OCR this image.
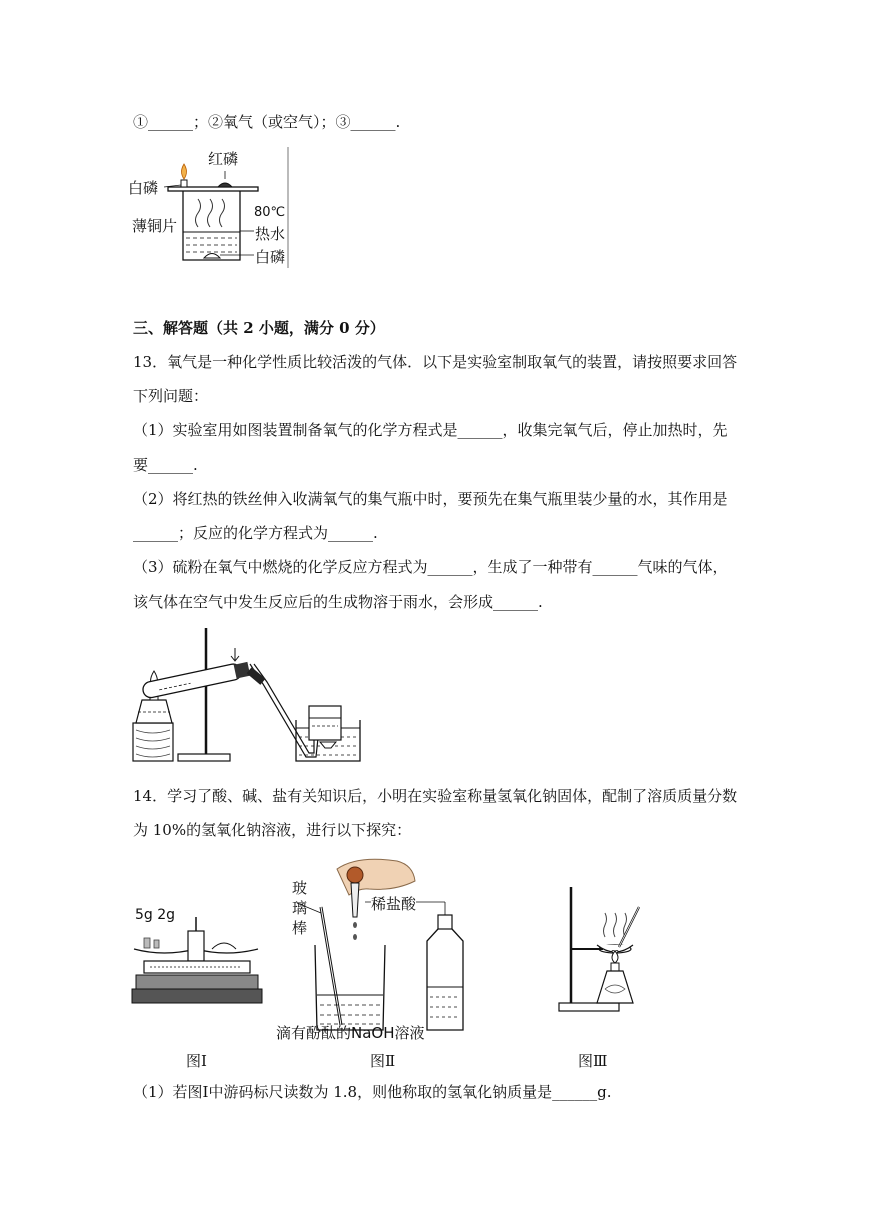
①______；②氧气（或空气）；③______.
红磷
白磷
薄铜片
80℃
热水
白磷
三、解答题（共 2 小题，满分 0 分）
13．氧气是一种化学性质比较活泼的气体．以下是实验室制取氧气的装置，请按照要求回答
下列问题：
（1）实验室用如图装置制备氧气的化学方程式是______，收集完氧气后，停止加热时，先
要______.
（2）将红热的铁丝伸入收满氧气的集气瓶中时，要预先在集气瓶里装少量的水，其作用是
______；反应的化学方程式为______.
（3）硫粉在氧气中燃烧的化学反应方程式为______，生成了一种带有______气味的气体，
该气体在空气中发生反应后的生成物溶于雨水，会形成______.
14．学习了酸、碱、盐有关知识后，小明在实验室称量氢氧化钠固体，配制了溶质质量分数
为 10%的氢氧化钠溶液，进行以下探究：
5g 2g
图Ⅰ
玻
璃
棒
稀盐酸
滴有酚酞的NaOH溶液
图Ⅱ	图Ⅲ
（1）若图Ⅰ中游码标尺读数为 1.8，则他称取的氢氧化钠质量是______g.
